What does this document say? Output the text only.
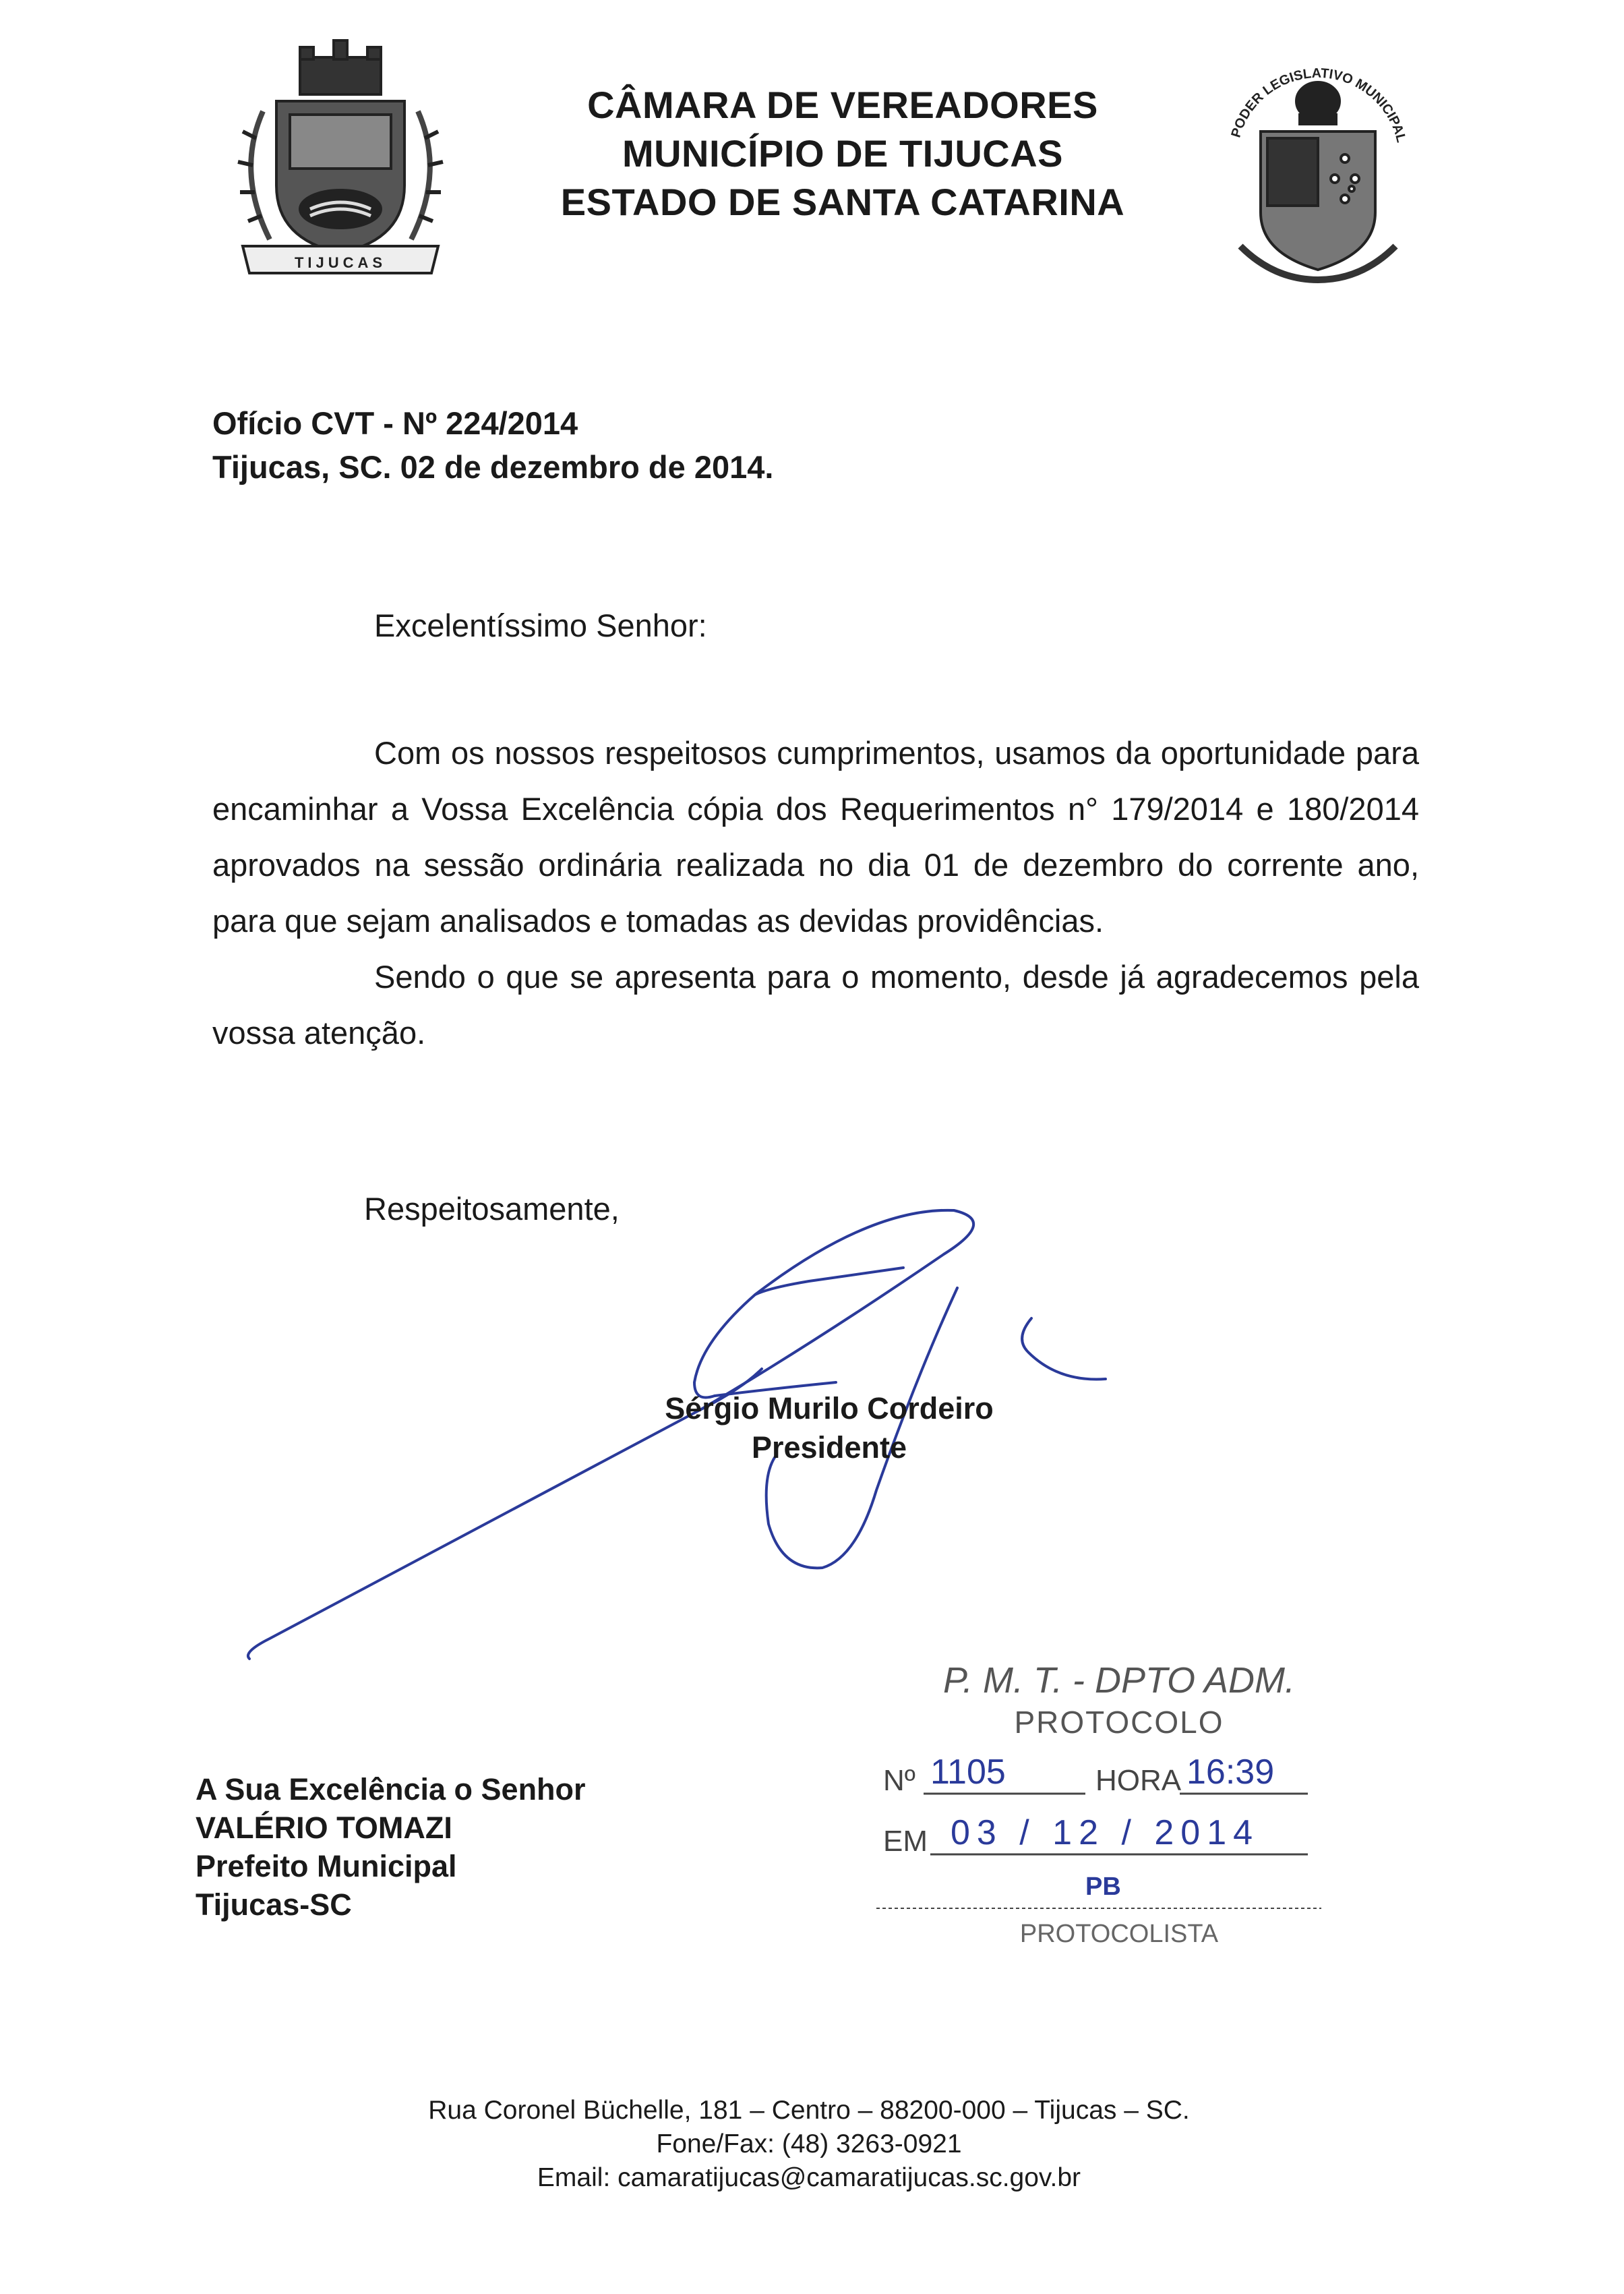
TIJUCAS
PODER LEGISLATIVO MUNICIPAL
CÂMARA DE VEREADORES
MUNICÍPIO DE TIJUCAS
ESTADO DE SANTA CATARINA
Ofício CVT - Nº 224/2014
Tijucas, SC. 02 de dezembro de 2014.
Excelentíssimo Senhor:

Com os nossos respeitosos cumprimentos, usamos da oportunidade para encaminhar a Vossa Excelência cópia dos Requerimentos n° 179/2014 e 180/2014 aprovados na sessão ordinária realizada no dia 01 de dezembro do corrente ano, para que sejam analisados e tomadas as devidas providências.

Sendo o que se apresenta para o momento, desde já agradecemos pela vossa atenção.

Respeitosamente,
Sérgio Murilo Cordeiro
Presidente
P. M. T. - DPTO ADM.
PROTOCOLO
Nº 1105	HORA 16:39
EM 03 / 12 / 2014
PB
PROTOCOLISTA
A Sua Excelência o Senhor
VALÉRIO TOMAZI
Prefeito Municipal
Tijucas-SC
Rua Coronel Büchelle, 181 – Centro – 88200-000 – Tijucas – SC.
Fone/Fax: (48) 3263-0921
Email: camaratijucas@camaratijucas.sc.gov.br
